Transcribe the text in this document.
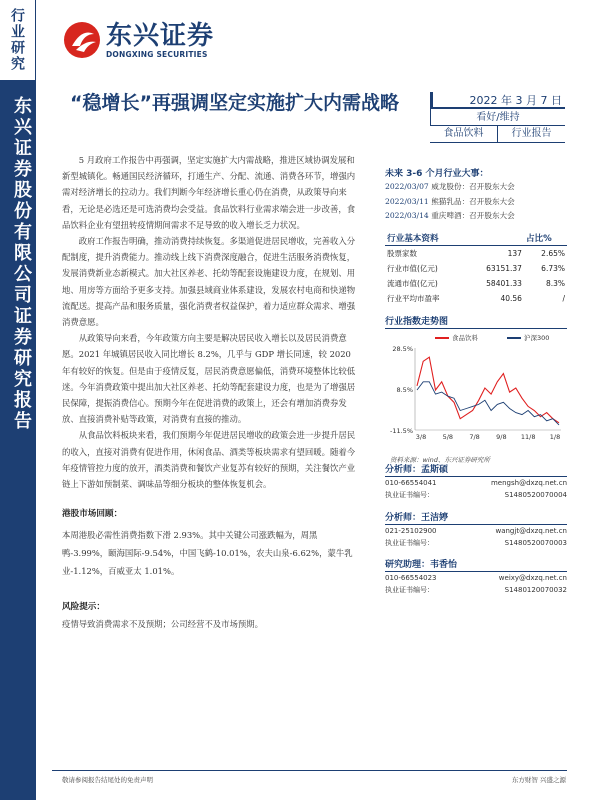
行业研究
东兴证券股份有限公司证券研究报告
东兴证券
DONGXING SECURITIES
“稳增长”再强调坚定实施扩大内需战略	2022 年 3 月 7 日
看好/维持
食品饮料	行业报告

5 月政府工作报告中再强调，坚定实施扩大内需战略，推进区域协调发展和新型城镇化。畅通国民经济循环，打通生产、分配、流通、消费各环节，增强内需对经济增长的拉动力。我们判断今年经济增长重心仍在消费，从政策导向来看，无论是必选还是可选消费均会受益。食品饮料行业需求端会进一步改善，食品饮料企业有望扭转疫情期间需求不足导致的收入增长乏力状况。

政府工作报告明确，推动消费持续恢复。多渠道促进居民增收，完善收入分配制度，提升消费能力。推动线上线下消费深度融合，促进生活服务消费恢复，发展消费新业态新模式。加大社区养老、托幼等配套设施建设力度，在规划、用地、用房等方面给予更多支持。加强县域商业体系建设，发展农村电商和快递物流配送。提高产品和服务质量，强化消费者权益保护，着力适应群众需求、增强消费意愿。

从政策导向来看，今年政策方向主要是解决居民收入增长以及居民消费意愿。2021 年城镇居民收入同比增长 8.2%，几乎与 GDP 增长同速，较 2020 年有较好的恢复。但是由于疫情反复，居民消费意愿偏低，消费环境整体比较低迷。今年消费政策中提出加大社区养老、托幼等配套建设力度，也是为了增强居民保障，提振消费信心。预期今年在促进消费的政策上，还会有增加消费券发放、直接消费补贴等政策，对消费有直接的推动。

从食品饮料板块来看，我们预期今年促进居民增收的政策会进一步提升居民的收入，直接对消费有促进作用，休闲食品、酒类等板块需求有望回暖。随着今年疫情管控力度的放开，酒类消费和餐饮产业复苏有较好的预期，关注餐饮产业链上下游如预制菜、调味品等细分板块的整体恢复机会。

港股市场回顾：
本周港股必需性消费指数下滑 2.93%。其中关键公司涨跌幅为，周黑鸭-3.99%，颐海国际-9.54%，中国飞鹤-10.01%，农夫山泉-6.62%，蒙牛乳业-1.12%，百威亚太 1.01%。
风险提示：
疫情导致消费需求不及预期；公司经营不及市场预期。
未来 3-6 个月行业大事：
2022/03/07 威龙股份：召开股东大会
2022/03/11 熊猫乳品：召开股东大会
2022/03/14 重庆啤酒：召开股东大会
行业基本资料		占比%
股票家数	137	2.65%
行业市值(亿元)	63151.37	6.73%
流通市值(亿元)	58401.33	8.3%
行业平均市盈率	40.56	/
行业指数走势图
28.5%
8.5%
-11.5%
3/8	5/8	7/8	9/8 11/8 1/8
食品饮料	沪深300
资料来源：wind、东兴证券研究所
分析师：孟斯硕
010-66554041	mengsh@dxzq.net.cn
执业证书编号：	S1480520070004
分析师：王洁婷
021-25102900	wangjt@dxzq.net.cn
执业证书编号：	S1480520070003
研究助理：韦香怡
010-66554023	weixy@dxzq.net.cn
执业证书编号：	S1480120070032
敬请参阅报告结尾处的免责声明	东方财智 兴盛之源
